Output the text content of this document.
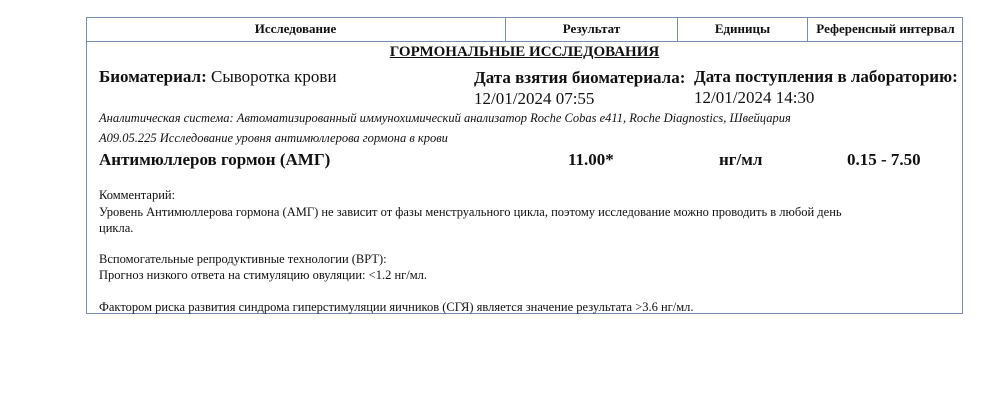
Исследование	Результат	Единицы	Референсный интервал
ГОРМОНАЛЬНЫЕ ИССЛЕДОВАНИЯ
Биоматериал: Сыворотка крови	Дата взятия биоматериала:
12/01/2024 07:55
Дата поступления в лабораторию:
12/01/2024 14:30
Аналитическая система: Автоматизированный иммунохимический анализатор Roche Cobas e411, Roche Diagnostics, Швейцария
A09.05.225 Исследование уровня антимюллерова гормона в крови
Антимюллеров гормон (АМГ)	11.00*	нг/мл	0.15 - 7.50
Комментарий:
Уровень Антимюллерова гормона (АМГ) не зависит от фазы менструального цикла, поэтому исследование можно проводить в любой день
цикла.
Вспомогательные репродуктивные технологии (ВРТ):
Прогноз низкого ответа на стимуляцию овуляции: <1.2 нг/мл.
Фактором риска развития синдрома гиперстимуляции яичников (СГЯ) является значение результата >3.6 нг/мл.
